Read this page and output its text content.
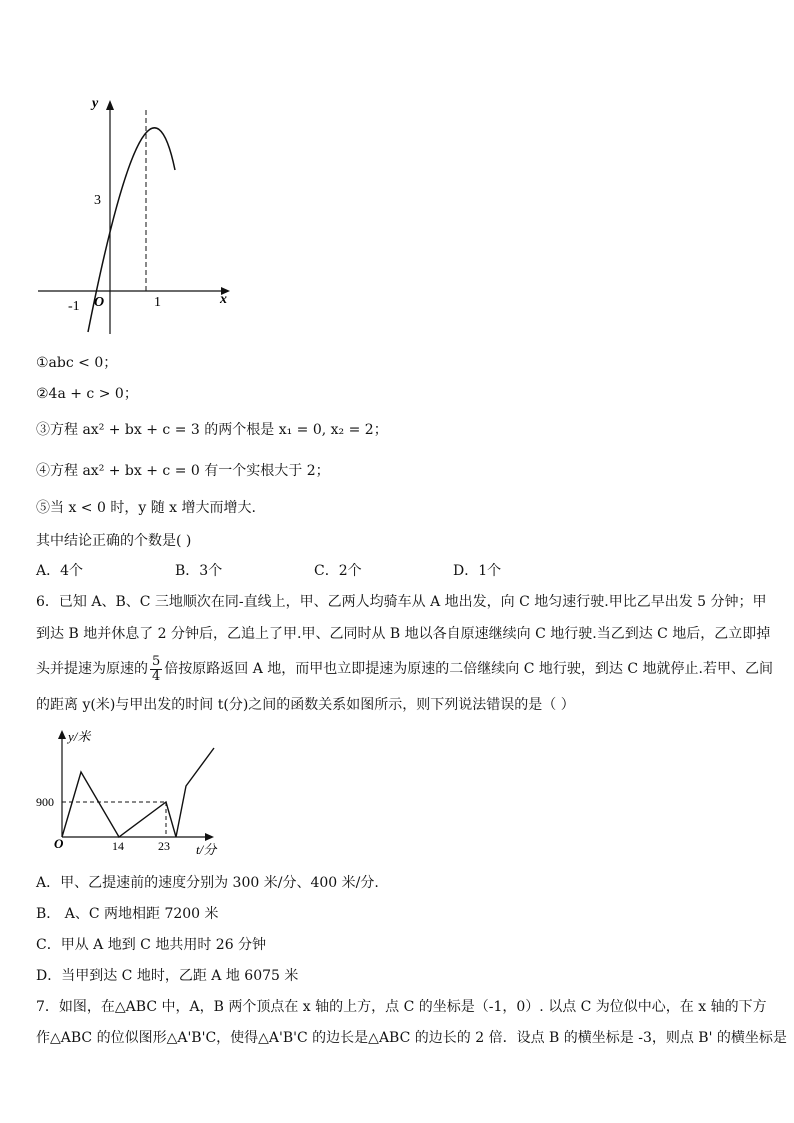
y
x
3
-1 O	1
①abc < 0；
②4a + c > 0；
③方程 ax² + bx + c = 3 的两个根是 x₁ = 0, x₂ = 2；
④方程 ax² + bx + c = 0 有一个实根大于 2；
⑤当 x < 0 时，y 随 x 增大而增大.
其中结论正确的个数是( )
A．4个	B．3个	C．2个	D．1个
6．已知 A、B、C 三地顺次在同-直线上，甲、乙两人均骑车从 A 地出发，向 C 地匀速行驶.甲比乙早出发 5 分钟；甲
到达 B 地并休息了 2 分钟后，乙追上了甲.甲、乙同时从 B 地以各自原速继续向 C 地行驶.当乙到达 C 地后，乙立即掉
头并提速为原速的 $\frac{5}{4}$ 倍按原路返回 A 地，而甲也立即提速为原速的二倍继续向 C 地行驶，到达 C 地就停止.若甲、乙间
的距离 y(米)与甲出发的时间 t(分)之间的函数关系如图所示，则下列说法错误的是（ ）
y/米
900
O	14	23 t/分
A．甲、乙提速前的速度分别为 300 米/分、400 米/分.
B． A、C 两地相距 7200 米
C．甲从 A 地到 C 地共用时 26 分钟
D．当甲到达 C 地时，乙距 A 地 6075 米
7．如图，在△ABC 中，A，B 两个顶点在 x 轴的上方，点 C 的坐标是（-1，0）. 以点 C 为位似中心，在 x 轴的下方
作△ABC 的位似图形△A'B'C，使得△A'B'C 的边长是△ABC 的边长的 2 倍．设点 B 的横坐标是 -3，则点 B' 的横坐标是
